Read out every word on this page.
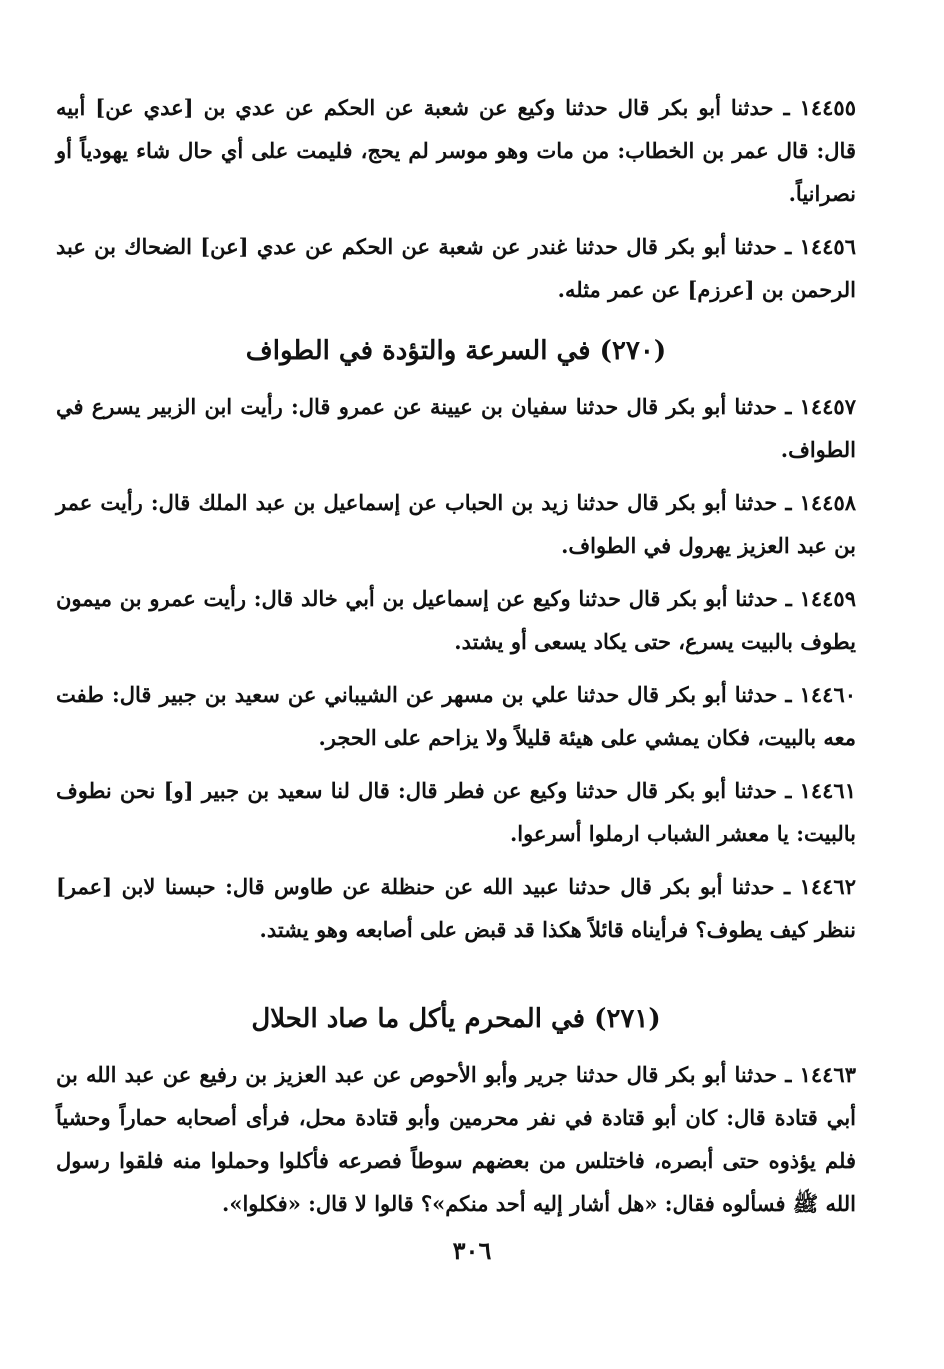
١٤٤٥٥ ـ حدثنا أبو بكر قال حدثنا وكيع عن شعبة عن الحكم عن عدي بن [عدي عن] أبيه قال: قال عمر بن الخطاب: من مات وهو موسر لم يحج، فليمت على أي حال شاء يهودياً أو نصرانياً.

١٤٤٥٦ ـ حدثنا أبو بكر قال حدثنا غندر عن شعبة عن الحكم عن عدي [عن] الضحاك بن عبد الرحمن بن [عرزم] عن عمر مثله.

(٢٧٠) في السرعة والتؤدة في الطواف

١٤٤٥٧ ـ حدثنا أبو بكر قال حدثنا سفيان بن عيينة عن عمرو قال: رأيت ابن الزبير يسرع في الطواف.

١٤٤٥٨ ـ حدثنا أبو بكر قال حدثنا زيد بن الحباب عن إسماعيل بن عبد الملك قال: رأيت عمر بن عبد العزيز يهرول في الطواف.

١٤٤٥٩ ـ حدثنا أبو بكر قال حدثنا وكيع عن إسماعيل بن أبي خالد قال: رأيت عمرو بن ميمون يطوف بالبيت يسرع، حتى يكاد يسعى أو يشتد.

١٤٤٦٠ ـ حدثنا أبو بكر قال حدثنا علي بن مسهر عن الشيباني عن سعيد بن جبير قال: طفت معه بالبيت، فكان يمشي على هيئة قليلاً ولا يزاحم على الحجر.

١٤٤٦١ ـ حدثنا أبو بكر قال حدثنا وكيع عن فطر قال: قال لنا سعيد بن جبير [و] نحن نطوف بالبيت: يا معشر الشباب ارملوا أسرعوا.

١٤٤٦٢ ـ حدثنا أبو بكر قال حدثنا عبيد الله عن حنظلة عن طاوس قال: حبسنا لابن [عمر] ننظر كيف يطوف؟ فرأيناه قائلاً هكذا قد قبض على أصابعه وهو يشتد.

(٢٧١) في المحرم يأكل ما صاد الحلال

١٤٤٦٣ ـ حدثنا أبو بكر قال حدثنا جرير وأبو الأحوص عن عبد العزيز بن رفيع عن عبد الله بن أبي قتادة قال: كان أبو قتادة في نفر محرمين وأبو قتادة محل، فرأى أصحابه حماراً وحشياً فلم يؤذوه حتى أبصره، فاختلس من بعضهم سوطاً فصرعه فأكلوا وحملوا منه فلقوا رسول الله ﷺ فسألوه فقال: «هل أشار إليه أحد منكم»؟ قالوا لا قال: «فكلوا».

٣٠٦
